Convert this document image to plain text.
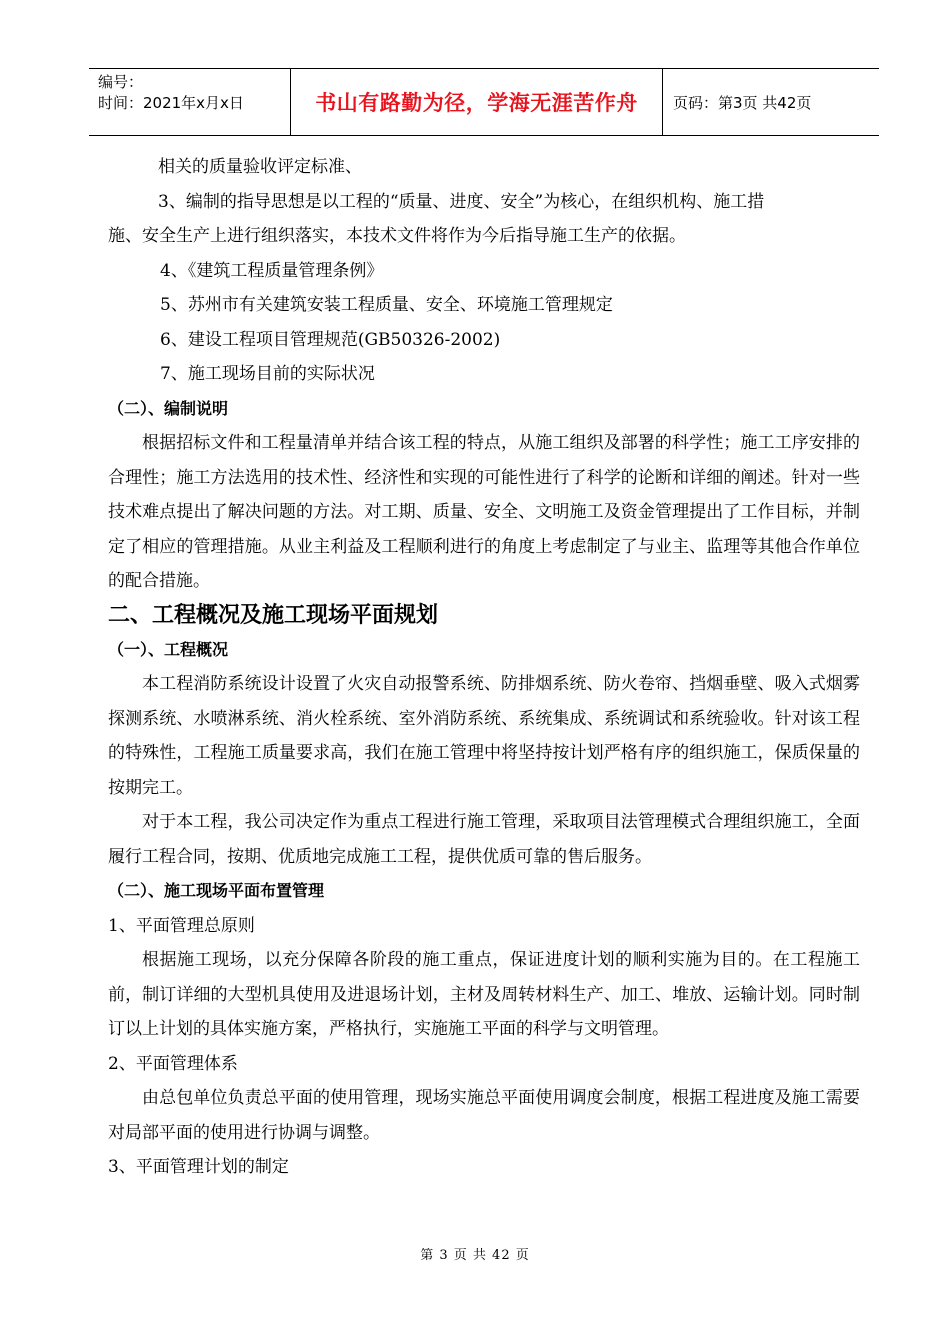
编号：
时间：2021年x月x日	书山有路勤为径，学海无涯苦作舟 页码：第3页 共42页
相关的质量验收评定标准、
3、编制的指导思想是以工程的“质量、进度、安全”为核心，在组织机构、施工措
施、安全生产上进行组织落实，本技术文件将作为今后指导施工生产的依据。
4、《建筑工程质量管理条例》
5、苏州市有关建筑安装工程质量、安全、环境施工管理规定
6、建设工程项目管理规范(GB50326-2002)
7、施工现场目前的实际状况
（二）、编制说明
根据招标文件和工程量清单并结合该工程的特点，从施工组织及部署的科学性；施工工序安排的合理性；施工方法选用的技术性、经济性和实现的可能性进行了科学的论断和详细的阐述。针对一些技术难点提出了解决问题的方法。对工期、质量、安全、文明施工及资金管理提出了工作目标，并制定了相应的管理措施。从业主利益及工程顺利进行的角度上考虑制定了与业主、监理等其他合作单位的配合措施。
二、工程概况及施工现场平面规划
（一）、工程概况
本工程消防系统设计设置了火灾自动报警系统、防排烟系统、防火卷帘、挡烟垂壁、吸入式烟雾探测系统、水喷淋系统、消火栓系统、室外消防系统、系统集成、系统调试和系统验收。针对该工程的特殊性，工程施工质量要求高，我们在施工管理中将坚持按计划严格有序的组织施工，保质保量的按期完工。
对于本工程，我公司决定作为重点工程进行施工管理，采取项目法管理模式合理组织施工，全面履行工程合同，按期、优质地完成施工工程，提供优质可靠的售后服务。
（二）、施工现场平面布置管理
1、平面管理总原则
根据施工现场，以充分保障各阶段的施工重点，保证进度计划的顺利实施为目的。在工程施工前，制订详细的大型机具使用及进退场计划，主材及周转材料生产、加工、堆放、运输计划。同时制订以上计划的具体实施方案，严格执行，实施施工平面的科学与文明管理。
2、平面管理体系
由总包单位负责总平面的使用管理，现场实施总平面使用调度会制度，根据工程进度及施工需要对局部平面的使用进行协调与调整。
3、平面管理计划的制定
第 3 页 共 42 页
